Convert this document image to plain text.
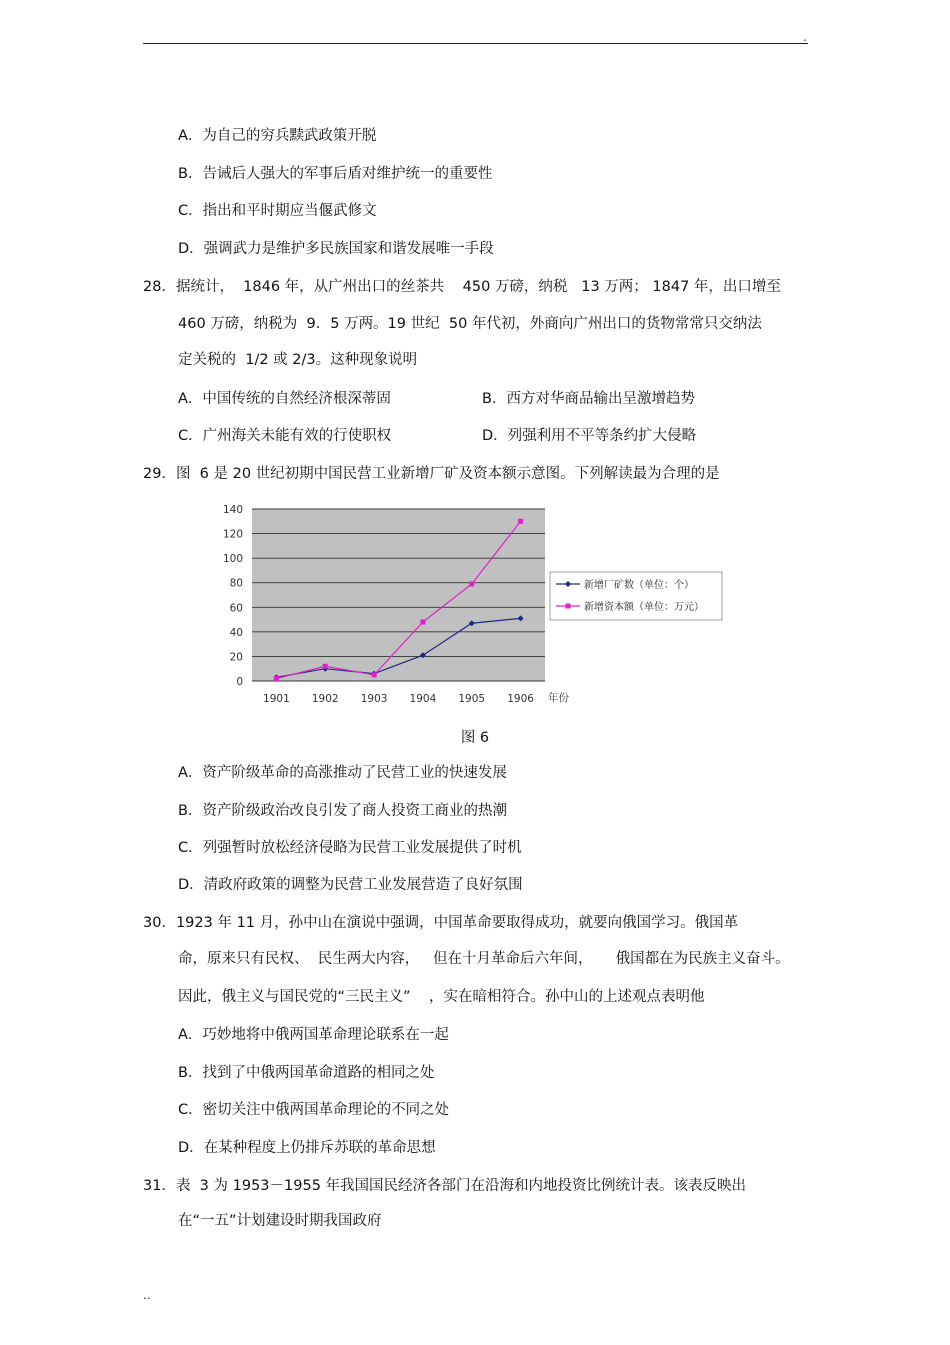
.
A．为自己的穷兵黩武政策开脱
B．告诫后人强大的军事后盾对维护统一的重要性
C．指出和平时期应当偃武修文
D．强调武力是维护多民族国家和谐发展唯一手段
28．据统计，  1846 年，从广州出口的丝茶共    450 万磅，纳税   13 万两； 1847 年，出口增至
460 万磅，纳税为  9．5 万两。19 世纪  50 年代初，外商向广州出口的货物常常只交纳法
定关税的  1/2 或 2/3。这种现象说明
A．中国传统的自然经济根深蒂固	B．西方对华商品输出呈激增趋势
C．广州海关未能有效的行使职权	D．列强利用不平等条约扩大侵略
29．图  6 是 20 世纪初期中国民营工业新增厂矿及资本额示意图。下列解读最为合理的是
0
20
40
60
80
100
120
140
1901 1902 1903 1904 1905 1906 年份
新增厂矿数（单位：个）
新增资本额（单位：万元）
图 6
A．资产阶级革命的高涨推动了民营工业的快速发展
B．资产阶级政治改良引发了商人投资工商业的热潮
C．列强暂时放松经济侵略为民营工业发展提供了时机
D．清政府政策的调整为民营工业发展营造了良好氛围
30．1923 年 11 月，孙中山在演说中强调，中国革命要取得成功，就要向俄国学习。俄国革
命，原来只有民权、  民生两大内容，   但在十月革命后六年间，     俄国都在为民族主义奋斗。
因此，俄主义与国民党的“三民主义”    ，实在暗相符合。孙中山的上述观点表明他
A．巧妙地将中俄两国革命理论联系在一起
B．找到了中俄两国革命道路的相同之处
C．密切关注中俄两国革命理论的不同之处
D．在某种程度上仍排斥苏联的革命思想
31．表  3 为 1953－1955 年我国国民经济各部门在沿海和内地投资比例统计表。该表反映出
在“一五”计划建设时期我国政府
..
